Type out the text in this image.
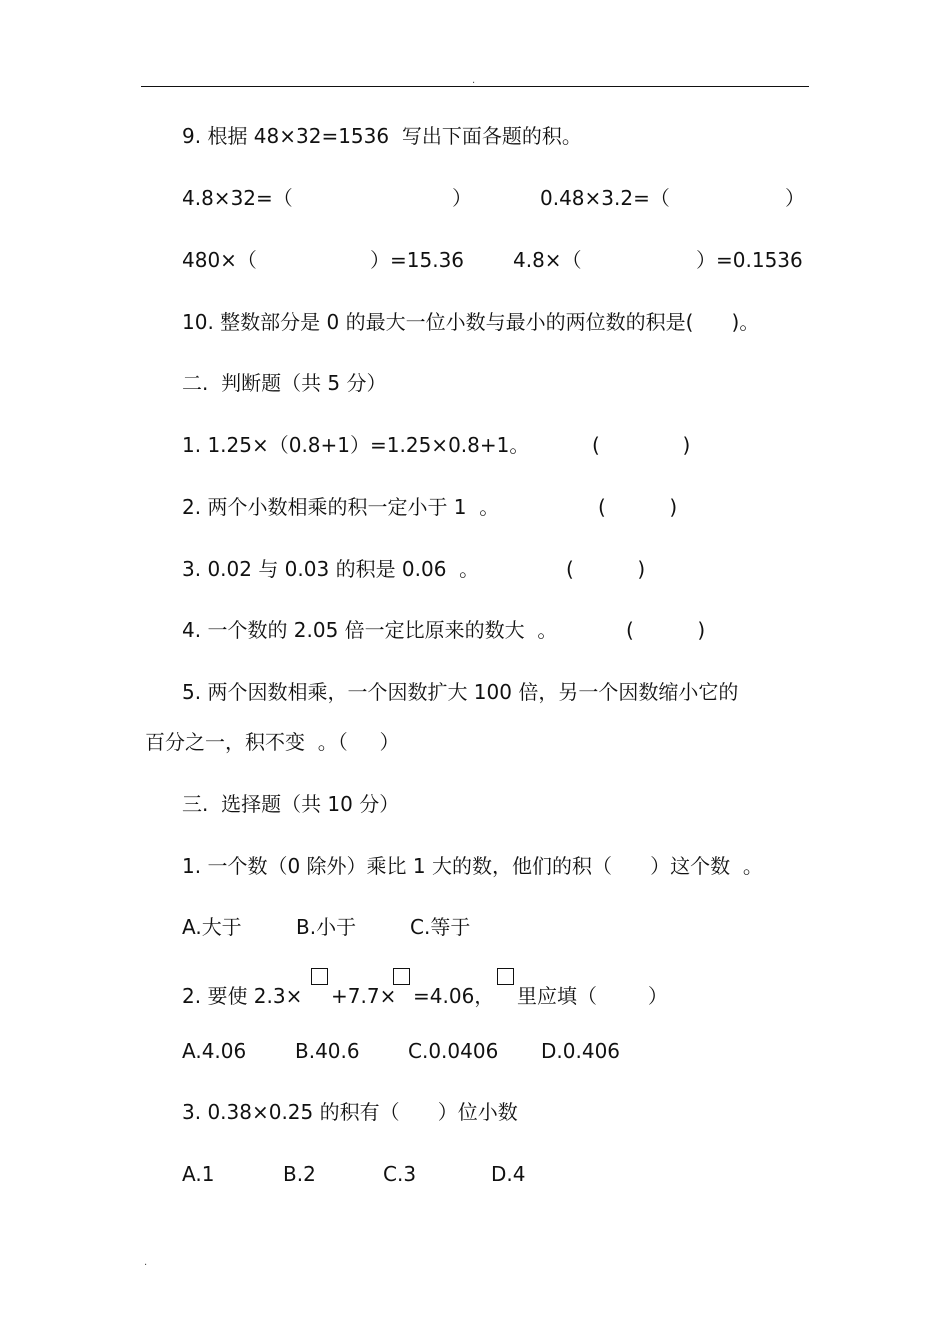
.
9. 根据 48×32=1536  写出下面各题的积。
4.8×32=（	）	0.48×3.2=（	）
480×（	）=15.36 4.8×（	）=0.1536
10. 整数部分是 0 的最大一位小数与最小的两位数的积是(      )。
二.  判断题（共 5 分）
1. 1.25×（0.8+1）=1.25×0.8+1。	(             )
2. 两个小数相乘的积一定小于 1  。	(          )
3. 0.02 与 0.03 的积是 0.06  。	(          )
4. 一个数的 2.05 倍一定比原来的数大  。	(          )
5. 两个因数相乘，一个因数扩大 100 倍，另一个因数缩小它的
百分之一，积不变  。（     ）
三.  选择题（共 10 分）
1. 一个数（0 除外）乘比 1 大的数，他们的积（      ）这个数  。
A.大于	B.小于	C.等于
2. 要使 2.3× +7.7× =4.06， 里应填（        ）
A.4.06 B.40.6 C.0.0406 D.0.406
3. 0.38×0.25 的积有（      ）位小数
A.1	B.2	C.3	D.4
.
